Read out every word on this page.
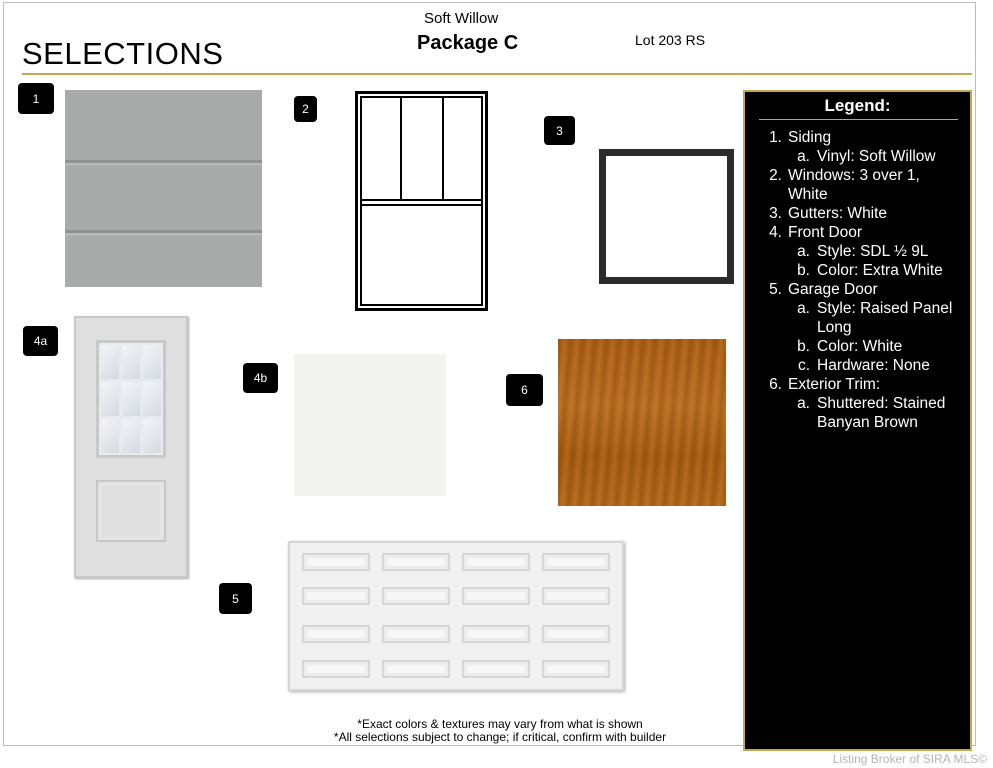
SELECTIONS
Soft Willow
Package C	Lot 203 RS
1
2
3
4a
4b
5
6
Legend:
1. Siding
a. Vinyl: Soft Willow
2. Windows: 3 over 1,
White
3. Gutters: White
4. Front Door
a. Style: SDL ½ 9L
b. Color: Extra White
5. Garage Door
a. Style: Raised Panel
Long
b. Color: White
c. Hardware: None
6. Exterior Trim:
a. Shuttered: Stained
Banyan Brown
*Exact colors & textures may vary from what is shown
*All selections subject to change; if critical, confirm with builder
Listing Broker of SIRA MLS©
